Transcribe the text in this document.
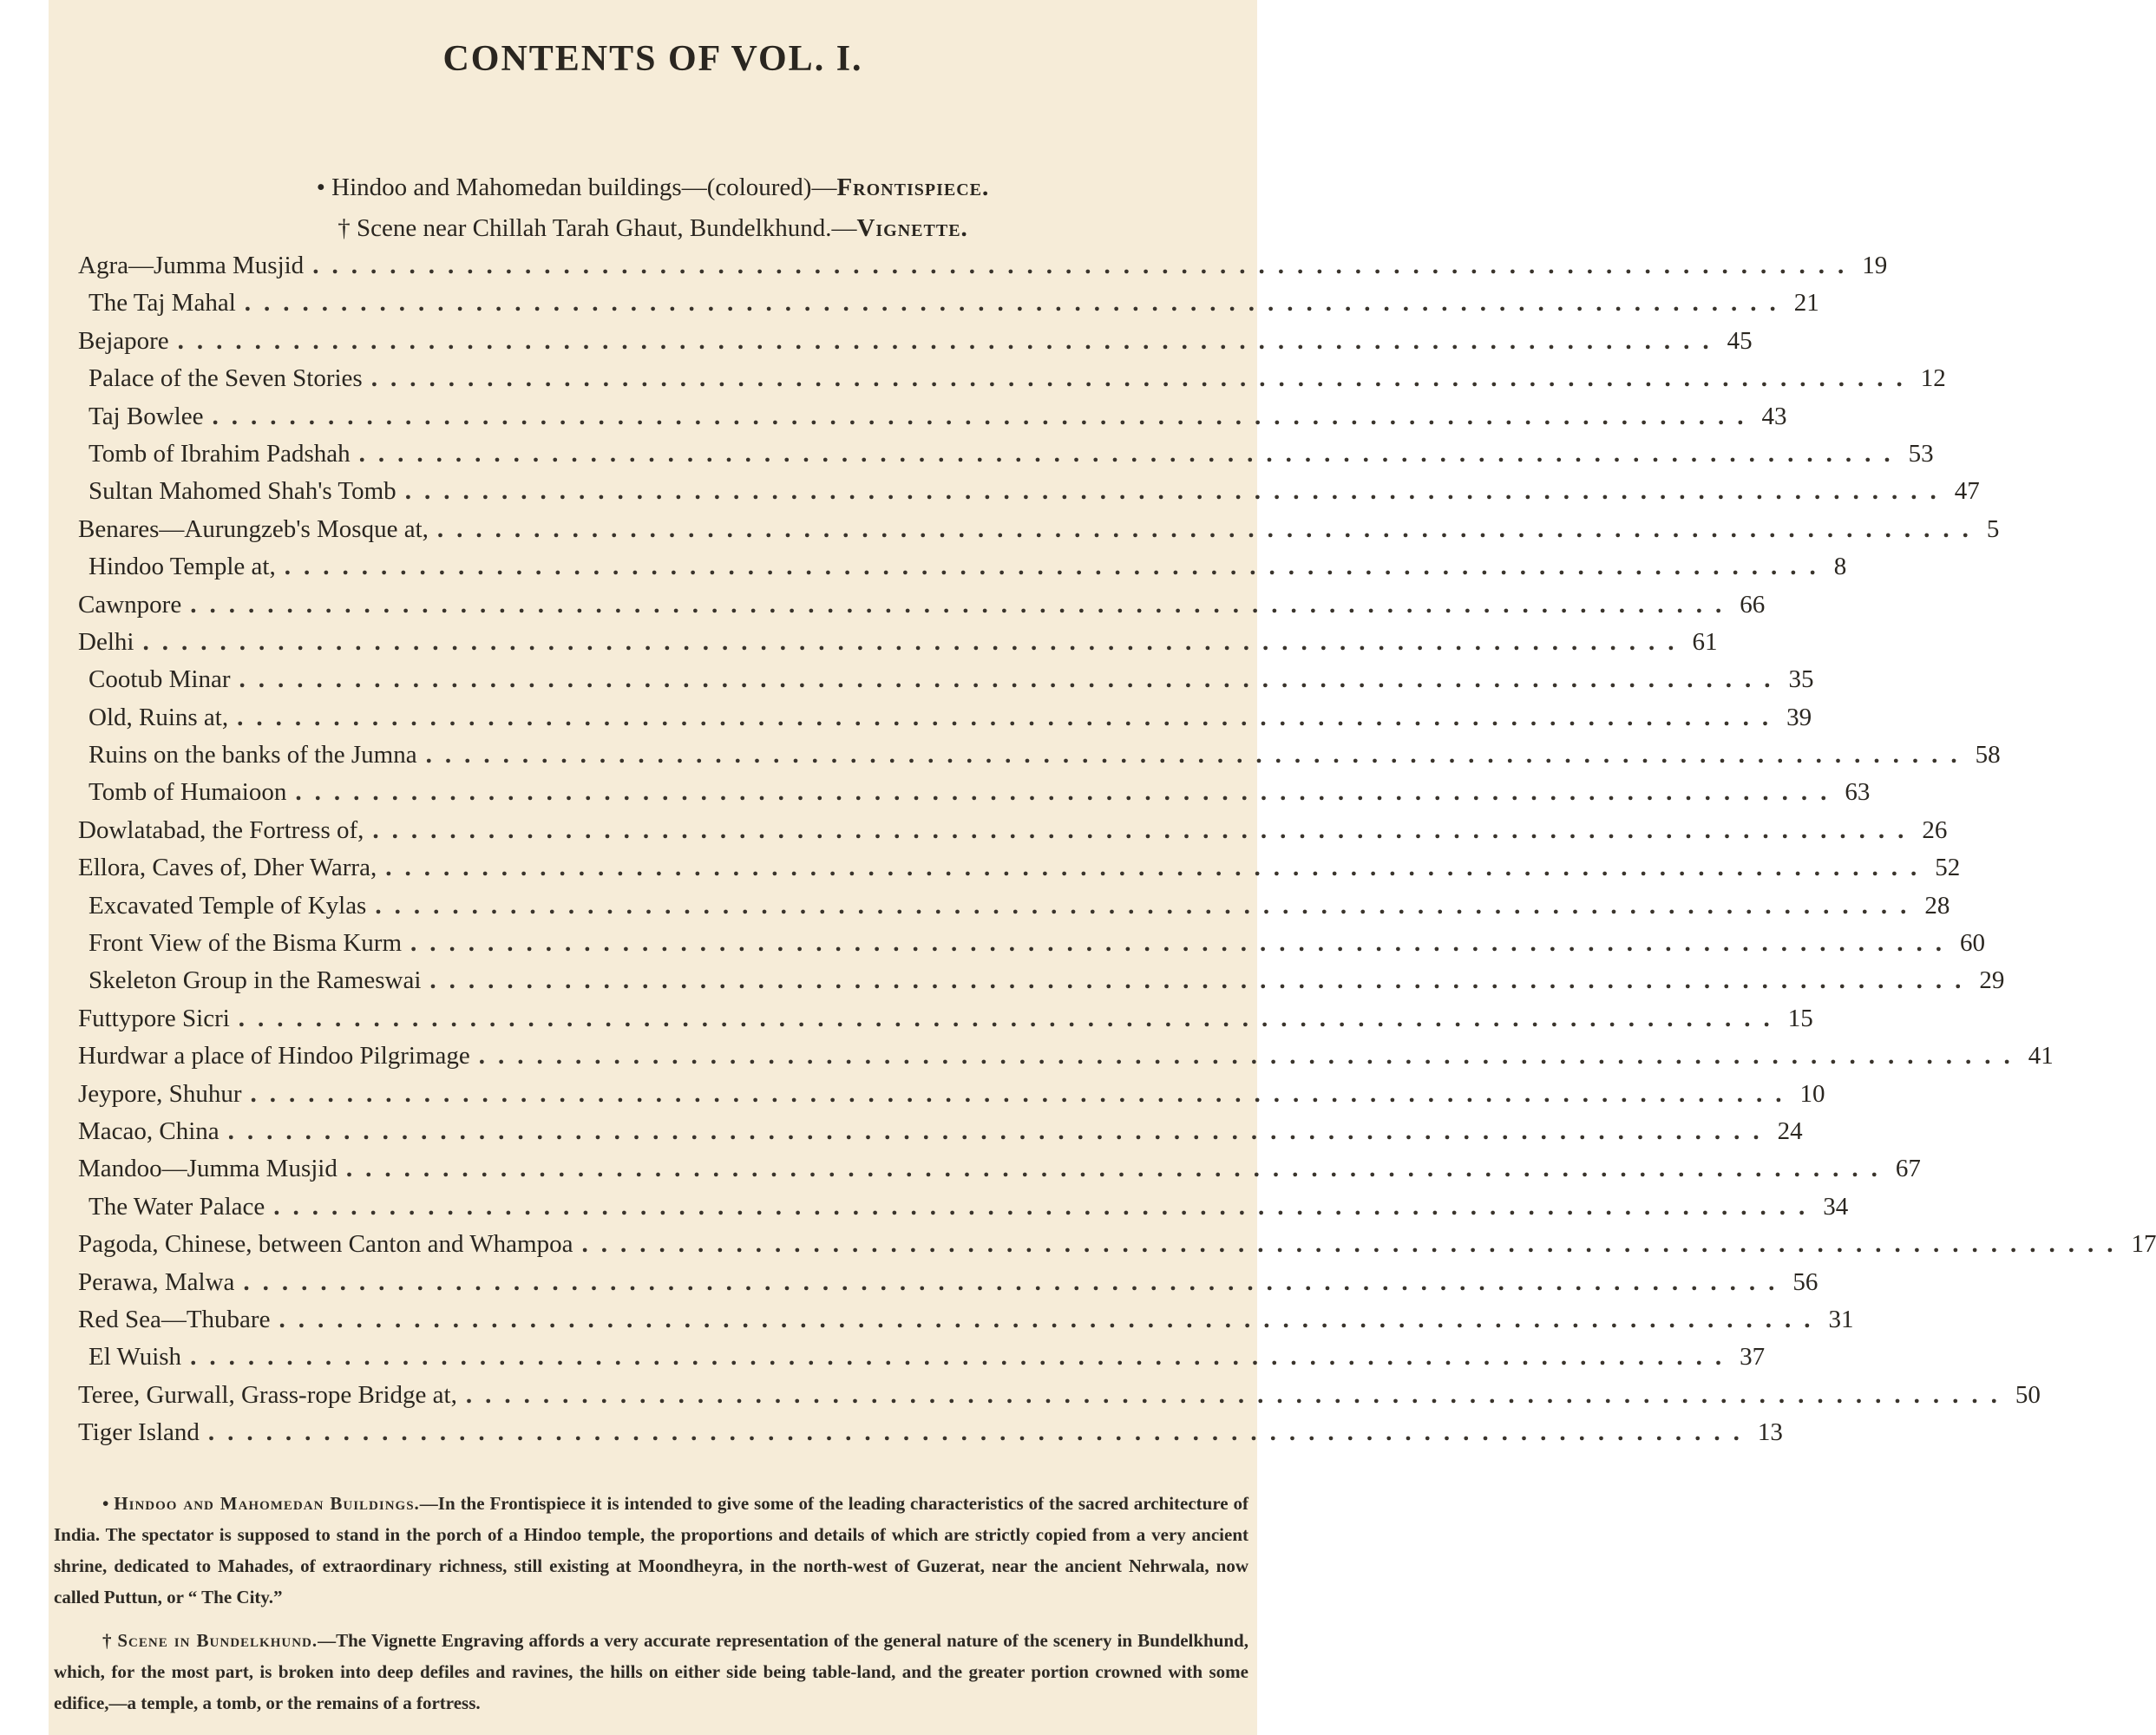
CONTENTS OF VOL. I.
• Hindoo and Mahomedan buildings—(coloured)—Frontispiece.
† Scene near Chillah Tarah Ghaut, Bundelkhund.—Vignette.
Agra—Jumma Musjid ................................................................................ 19
The Taj Mahal ................................................................................ 21
Bejapore ................................................................................ 45
Palace of the Seven Stories ................................................................................ 12
Taj Bowlee ................................................................................ 43
Tomb of Ibrahim Padshah ................................................................................ 53
Sultan Mahomed Shah's Tomb ................................................................................ 47
Benares—Aurungzeb's Mosque at, ................................................................................ 5
Hindoo Temple at, ................................................................................ 8
Cawnpore ................................................................................ 66
Delhi ................................................................................ 61
Cootub Minar ................................................................................ 35
Old, Ruins at, ................................................................................ 39
Ruins on the banks of the Jumna ................................................................................ 58
Tomb of Humaioon ................................................................................ 63
Dowlatabad, the Fortress of, ................................................................................ 26
Ellora, Caves of, Dher Warra, ................................................................................ 52
Excavated Temple of Kylas ................................................................................ 28
Front View of the Bisma Kurm ................................................................................ 60
Skeleton Group in the Rameswai ................................................................................ 29
Futtypore Sicri ................................................................................ 15
Hurdwar a place of Hindoo Pilgrimage ................................................................................ 41
Jeypore, Shuhur ................................................................................ 10
Macao, China ................................................................................ 24
Mandoo—Jumma Musjid ................................................................................ 67
The Water Palace ................................................................................ 34
Pagoda, Chinese, between Canton and Whampoa ................................................................................ 17
Perawa, Malwa ................................................................................ 56
Red Sea—Thubare ................................................................................ 31
El Wuish ................................................................................ 37
Teree, Gurwall, Grass-rope Bridge at, ................................................................................ 50
Tiger Island ................................................................................ 13

• Hindoo and Mahomedan Buildings.—In the Frontispiece it is intended to give some of the leading characteristics of the sacred architecture of India. The spectator is supposed to stand in the porch of a Hindoo temple, the proportions and details of which are strictly copied from a very ancient shrine, dedicated to Mahades, of extraordinary richness, still existing at Moondheyra, in the north-west of Guzerat, near the ancient Nehrwala, now called Puttun, or “ The City.”

† Scene in Bundelkhund.—The Vignette Engraving affords a very accurate representation of the general nature of the scenery in Bundelkhund, which, for the most part, is broken into deep defiles and ravines, the hills on either side being table-land, and the greater portion crowned with some edifice,—a temple, a tomb, or the remains of a fortress.
